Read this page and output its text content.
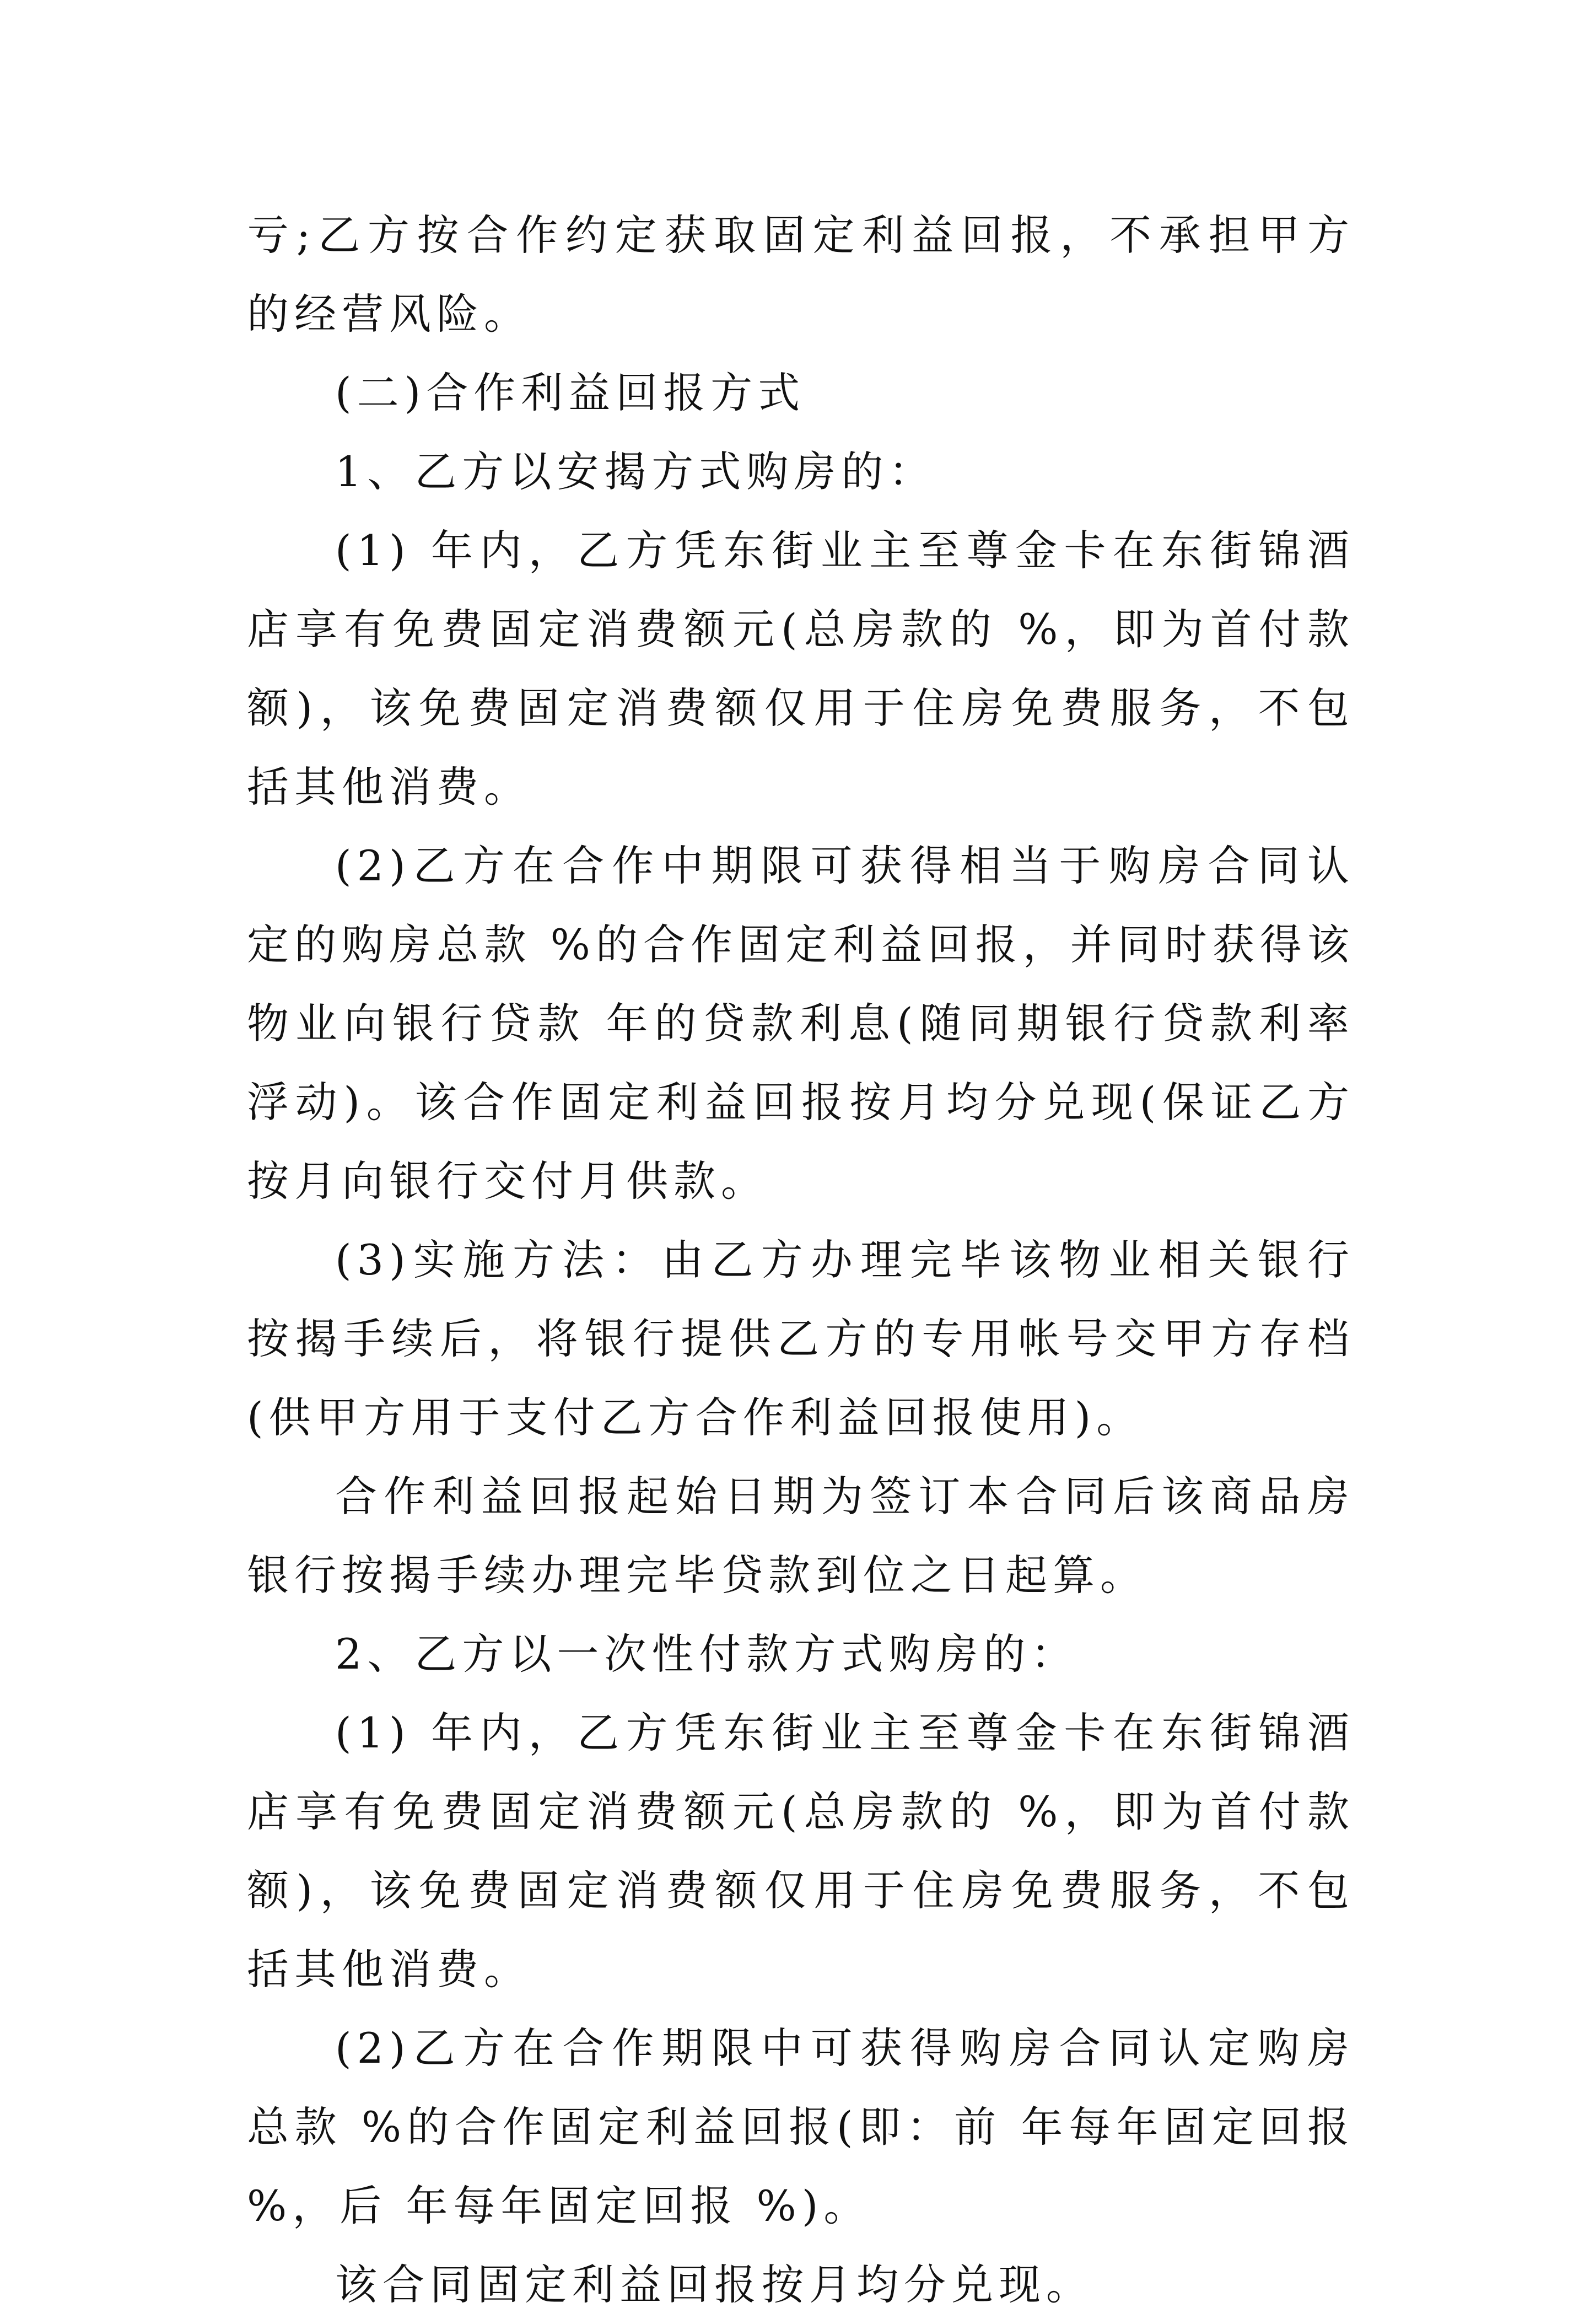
亏;乙方按合作约定获取固定利益回报，不承担甲方的经营风险。

(二)合作利益回报方式

1、乙方以安揭方式购房的：

(1) 年内，乙方凭东街业主至尊金卡在东街锦酒店享有免费固定消费额元(总房款的 %，即为首付款额)，该免费固定消费额仅用于住房免费服务，不包括其他消费。

(2)乙方在合作中期限可获得相当于购房合同认定的购房总款 %的合作固定利益回报，并同时获得该物业向银行贷款 年的贷款利息(随同期银行贷款利率浮动)。该合作固定利益回报按月均分兑现(保证乙方按月向银行交付月供款。

(3)实施方法：由乙方办理完毕该物业相关银行按揭手续后，将银行提供乙方的专用帐号交甲方存档(供甲方用于支付乙方合作利益回报使用)。

合作利益回报起始日期为签订本合同后该商品房银行按揭手续办理完毕贷款到位之日起算。

2、乙方以一次性付款方式购房的：

(1) 年内，乙方凭东街业主至尊金卡在东街锦酒店享有免费固定消费额元(总房款的 %，即为首付款额)，该免费固定消费额仅用于住房免费服务，不包括其他消费。

(2)乙方在合作期限中可获得购房合同认定购房总款 %的合作固定利益回报(即：前 年每年固定回报 %，后 年每年固定回报 %)。

该合同固定利益回报按月均分兑现。
